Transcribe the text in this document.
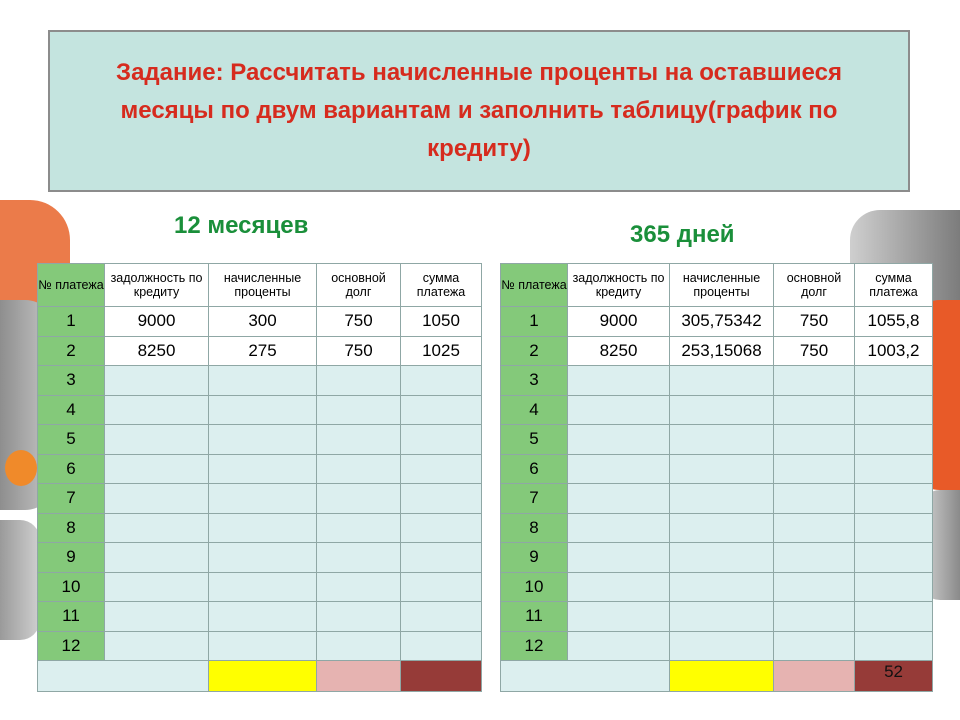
Задание: Рассчитать начисленные проценты на оставшиеся месяцы по двум вариантам и заполнить таблицу(график по кредиту)
12 месяцев	365 дней
№ платежа	задолжность по кредиту	начисленные проценты	основной долг	сумма платежа
1	9000	300	750	1050
2	8250	275	750	1025
3				
4				
5				
6				
7				
8				
9				
10				
11				
12				

№ платежа	задолжность по кредиту	начисленные проценты	основной долг	сумма платежа
1	9000	305,75342	750	1055,8
2	8250	253,15068	750	1003,2
3				
4				
5				
6				
7				
8				
9				
10				
11				
12				

52
